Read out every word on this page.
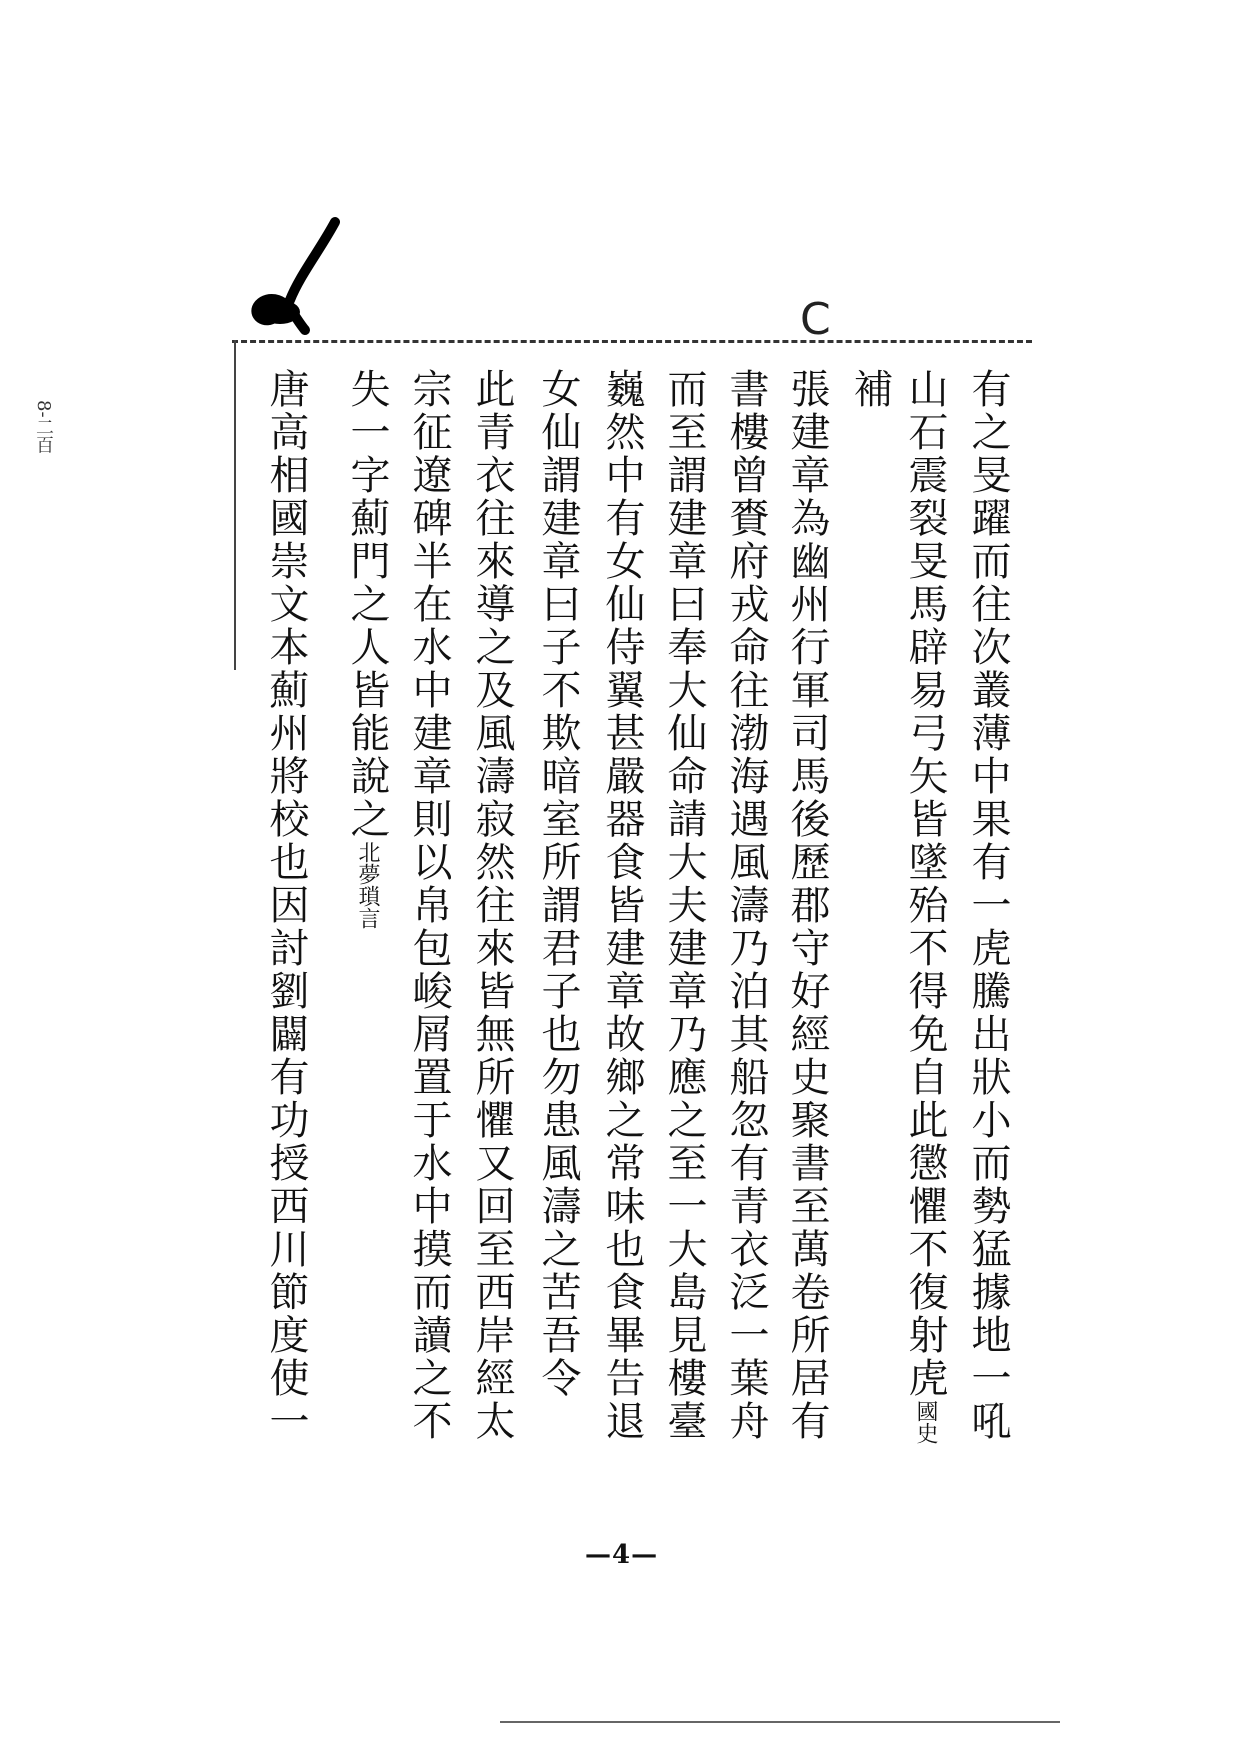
C
8-二百	有之旻躍而往次叢薄中果有一虎騰出狀小而勢猛據地一吼
山石震裂旻馬辟易弓矢皆墜殆不得免自此懲懼不復射虎國史
補
張建章為幽州行軍司馬後歷郡守好經史聚書至萬卷所居有
書樓曾賚府戎命往渤海遇風濤乃泊其船忽有青衣泛一葉舟
而至謂建章曰奉大仙命請大夫建章乃應之至一大島見樓臺
巍然中有女仙侍翼甚嚴器食皆建章故鄉之常味也食畢告退
女仙謂建章曰子不欺暗室所謂君子也勿患風濤之苦吾令
此青衣往來導之及風濤寂然往來皆無所懼又回至西岸經太
宗征遼碑半在水中建章則以帛包峻屑置于水中摸而讀之不
失一字薊門之人皆能說之北夢瑣言
唐高相國崇文本薊州將校也因討劉闢有功授西川節度使一
—4—
